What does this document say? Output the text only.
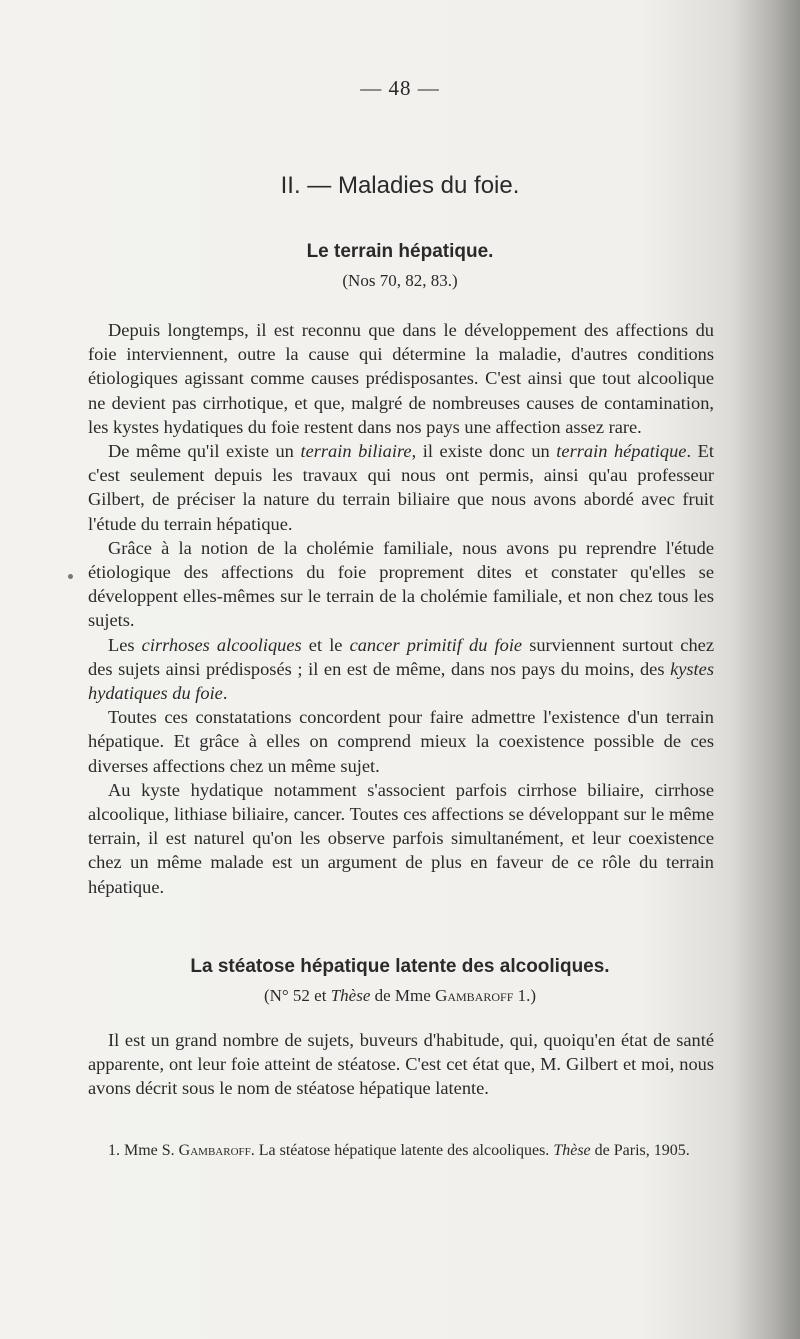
— 48 —
II. — Maladies du foie.
Le terrain hépatique.
(Nos 70, 82, 83.)

Depuis longtemps, il est reconnu que dans le développement des affections du foie interviennent, outre la cause qui détermine la maladie, d'autres conditions étiologiques agissant comme causes prédisposantes. C'est ainsi que tout alcoolique ne devient pas cirrhotique, et que, malgré de nombreuses causes de contamination, les kystes hydatiques du foie restent dans nos pays une affection assez rare.

De même qu'il existe un terrain biliaire, il existe donc un terrain hépatique. Et c'est seulement depuis les travaux qui nous ont permis, ainsi qu'au professeur Gilbert, de préciser la nature du terrain biliaire que nous avons abordé avec fruit l'étude du terrain hépatique.

Grâce à la notion de la cholémie familiale, nous avons pu reprendre l'étude étiologique des affections du foie proprement dites et constater qu'elles se développent elles-mêmes sur le terrain de la cholémie familiale, et non chez tous les sujets.

Les cirrhoses alcooliques et le cancer primitif du foie surviennent surtout chez des sujets ainsi prédisposés ; il en est de même, dans nos pays du moins, des kystes hydatiques du foie.

Toutes ces constatations concordent pour faire admettre l'existence d'un terrain hépatique. Et grâce à elles on comprend mieux la coexistence possible de ces diverses affections chez un même sujet.

Au kyste hydatique notamment s'associent parfois cirrhose biliaire, cirrhose alcoolique, lithiase biliaire, cancer. Toutes ces affections se développant sur le même terrain, il est naturel qu'on les observe parfois simultanément, et leur coexistence chez un même malade est un argument de plus en faveur de ce rôle du terrain hépatique.

La stéatose hépatique latente des alcooliques.
(N° 52 et Thèse de Mme Gambaroff 1.)

Il est un grand nombre de sujets, buveurs d'habitude, qui, quoiqu'en état de santé apparente, ont leur foie atteint de stéatose. C'est cet état que, M. Gilbert et moi, nous avons décrit sous le nom de stéatose hépatique latente.

1. Mme S. Gambaroff. La stéatose hépatique latente des alcooliques. Thèse de Paris, 1905.
